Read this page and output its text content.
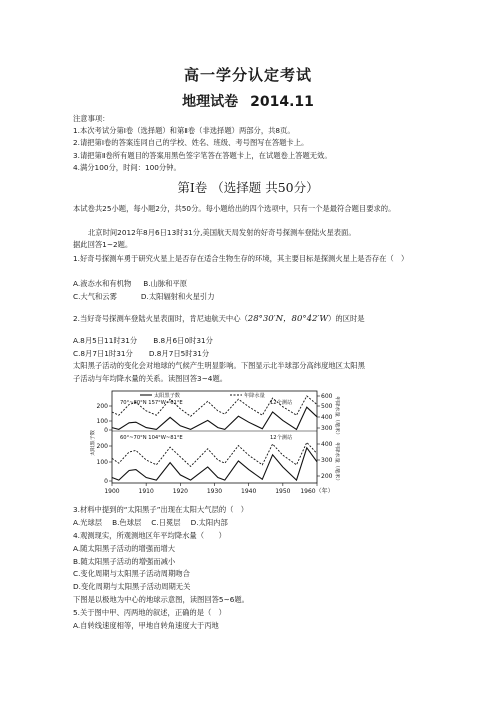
高一学分认定考试
地理试卷 2014.11
注意事项：
1.本次考试分第Ⅰ卷（选择题）和第Ⅱ卷（非选择题）两部分，共8页。
2.请把第Ⅰ卷的答案连同自己的学校、姓名、班级、考号图写在答题卡上。
3.请把第Ⅱ卷所有题目的答案用黑色签字笔答在答题卡上，在试题卷上答题无效。
4.满分100分，时间：100分钟。
第Ⅰ卷 （选择题 共50分）
本试卷共25小题，每小题2分，共50分。每小题给出的四个选项中，只有一个是最符合题目要求的。
北京时间2012年8月6日13时31分,美国航天局发射的好奇号探测车登陆火星表面。
据此回答1~2题。
1.好奇号探测车勇于研究火星上是否存在适合生物生存的环境，其主要目标是探测火星上是否存在（　）
A.液态水和有机物 B.山脉和平原
C.大气和云雾	D.太阳辐射和火星引力
2.当好奇号探测车登陆火星表面时，肯尼迪航天中心（28°30′N，80°42′W）的区时是
A.8月5日11时31分 B.8月6日0时31分
C.8月7日1时31分 D.8月7日5时31分
太阳黑子活动的变化会对地球的气候产生明显影响。下图显示北半球部分高纬度地区太阳黑
子活动与年均降水量的关系。读图回答3~4题。
太阳黑子数	年降水量
70°~80°N 157°W~61°E	12个测站
60°~70°N 104°W~81°E	12个测站
太阳黑子数
年降水量（毫米）
年降水量（毫米）
1900	1910	1920	1930	1940	1950 1960（年）
200
100
0
200
100
0
600
500
400
300
400
300
200
3.材料中提到的“太阳黑子”出现在太阳大气层的（　）
A.光球层 B.色球层 C.日冕层 D.太阳内部
4.观测现实，所观测地区年平均降水量（　　）
A.随太阳黑子活动的增强而增大
B.随太阳黑子活动的增强而减小
C.变化周期与太阳黑子活动周期吻合
D.变化周期与太阳黑子活动周期无关
下图是以极地为中心的地球示意图，读图回答5~6题。
5.关于图中甲、丙两地的叙述，正确的是（　）
A.自转线速度相等，甲地自转角速度大于丙地
